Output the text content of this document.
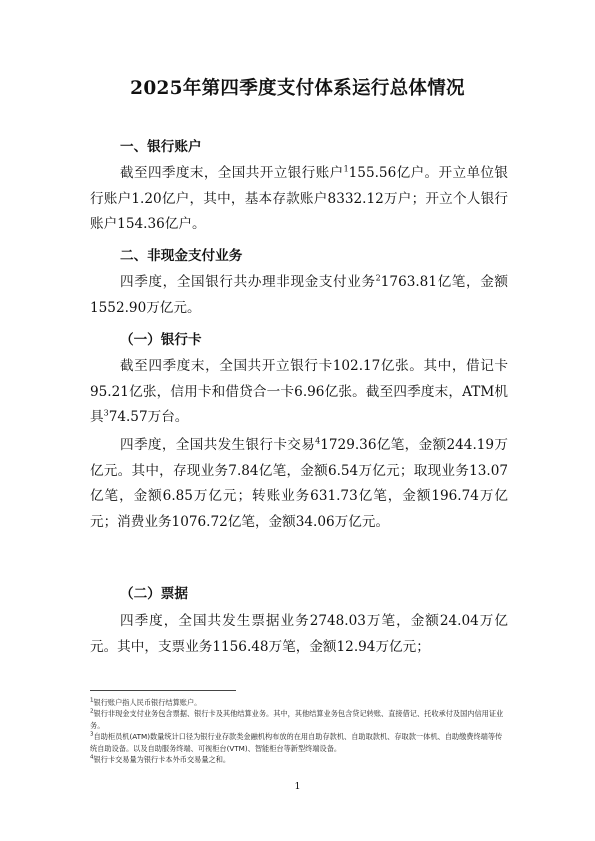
2025年第四季度支付体系运行总体情况
一、银行账户
截至四季度末，全国共开立银行账户$^1$155.56亿户。开立单位银行账户1.20亿户，其中，基本存款账户8332.12万户；开立个人银行账户154.36亿户。
二、非现金支付业务
四季度，全国银行共办理非现金支付业务$^2$1763.81亿笔，金额1552.90万亿元。
（一）银行卡
截至四季度末，全国共开立银行卡102.17亿张。其中，借记卡95.21亿张，信用卡和借贷合一卡6.96亿张。截至四季度末，ATM机具$^3$74.57万台。
四季度，全国共发生银行卡交易$^4$1729.36亿笔，金额244.19万亿元。其中，存现业务7.84亿笔，金额6.54万亿元；取现业务13.07亿笔，金额6.85万亿元；转账业务631.73亿笔，金额196.74万亿元；消费业务1076.72亿笔，金额34.06万亿元。
（二）票据
四季度，全国共发生票据业务2748.03万笔，金额24.04万亿元。其中，支票业务1156.48万笔，金额12.94万亿元；

$^1$银行账户指人民币银行结算账户。

$^2$银行非现金支付业务包含票据、银行卡及其他结算业务。其中，其他结算业务包含贷记转账、直接借记、托收承付及国内信用证业务。

$^3$自助柜员机(ATM)数量统计口径为银行业存款类金融机构布放的在用自助存款机、自助取款机、存取款一体机、自助缴费终端等传统自助设备。以及自助服务终端、可视柜台(VTM)、智能柜台等新型终端设备。

$^4$银行卡交易量为银行卡本外币交易量之和。

1
